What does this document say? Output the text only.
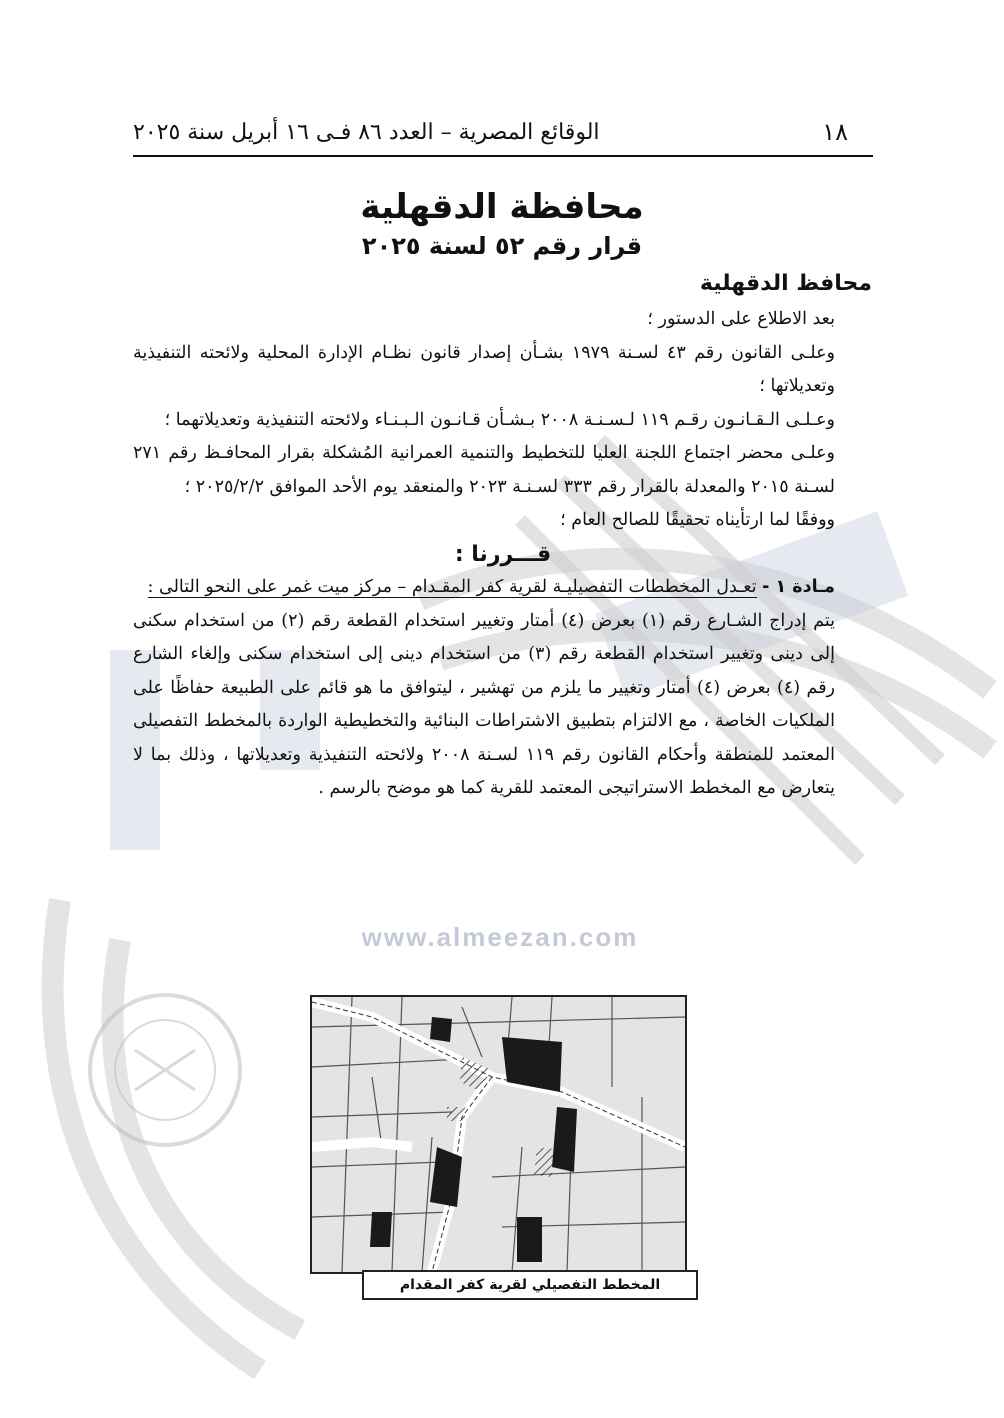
www.almeezan.com
١٨
الوقائع المصرية – العدد ٨٦ فـى ١٦ أبريل سنة ٢٠٢٥
محافظة الدقهلية
قرار رقم ٥٢ لسنة ٢٠٢٥
محافظ الدقهلية

بعد الاطلاع على الدستور ؛

وعلـى القانون رقم ٤٣ لسـنة ١٩٧٩ بشـأن إصدار قانون نظـام الإدارة المحلية ولائحته التنفيذية وتعديلاتها ؛

وعـلـى الـقـانـون رقـم ١١٩ لـسـنـة ٢٠٠٨ بـشـأن قـانـون الـبـنـاء ولائحته التنفيذية وتعديلاتهما ؛

وعلـى محضر اجتماع اللجنة العليا للتخطيط والتنمية العمرانية المُشكلة بقرار المحافـظ رقم ٢٧١ لسـنة ٢٠١٥ والمعدلة بالقرار رقم ٣٣٣ لسـنـة ٢٠٢٣ والمنعقد يوم الأحد الموافق ٢٠٢٥/٢/٢ ؛

ووفقًا لما ارتأيناه تحقيقًا للصالح العام ؛

قـــررنا :

مـادة ١ - تعـدل المخططات التفصيليـة لقرية كفر المقـدام – مركز ميت غمر على النحو التالى :

يتم إدراج الشـارع رقم (١) بعرض (٤) أمتار وتغيير استخدام القطعة رقم (٢) من استخدام سكنى إلى دينى وتغيير استخدام القطعة رقم (٣) من استخدام دينى إلى استخدام سكنى وإلغاء الشارع رقم (٤) بعرض (٤) أمتار وتغيير ما يلزم من تهشير ، ليتوافق ما هو قائم على الطبيعة حفاظًا على الملكيات الخاصة ، مع الالتزام بتطبيق الاشتراطات البنائية والتخطيطية الواردة بالمخطط التفصيلى المعتمد للمنطقة وأحكام القانون رقم ١١٩ لسـنة ٢٠٠٨ ولائحته التنفيذية وتعديلاتها ، وذلك بما لا يتعارض مع المخطط الاستراتيجى المعتمد للقرية كما هو موضح بالرسم .

المخطط التفصيلي لقرية كفر المقدام
